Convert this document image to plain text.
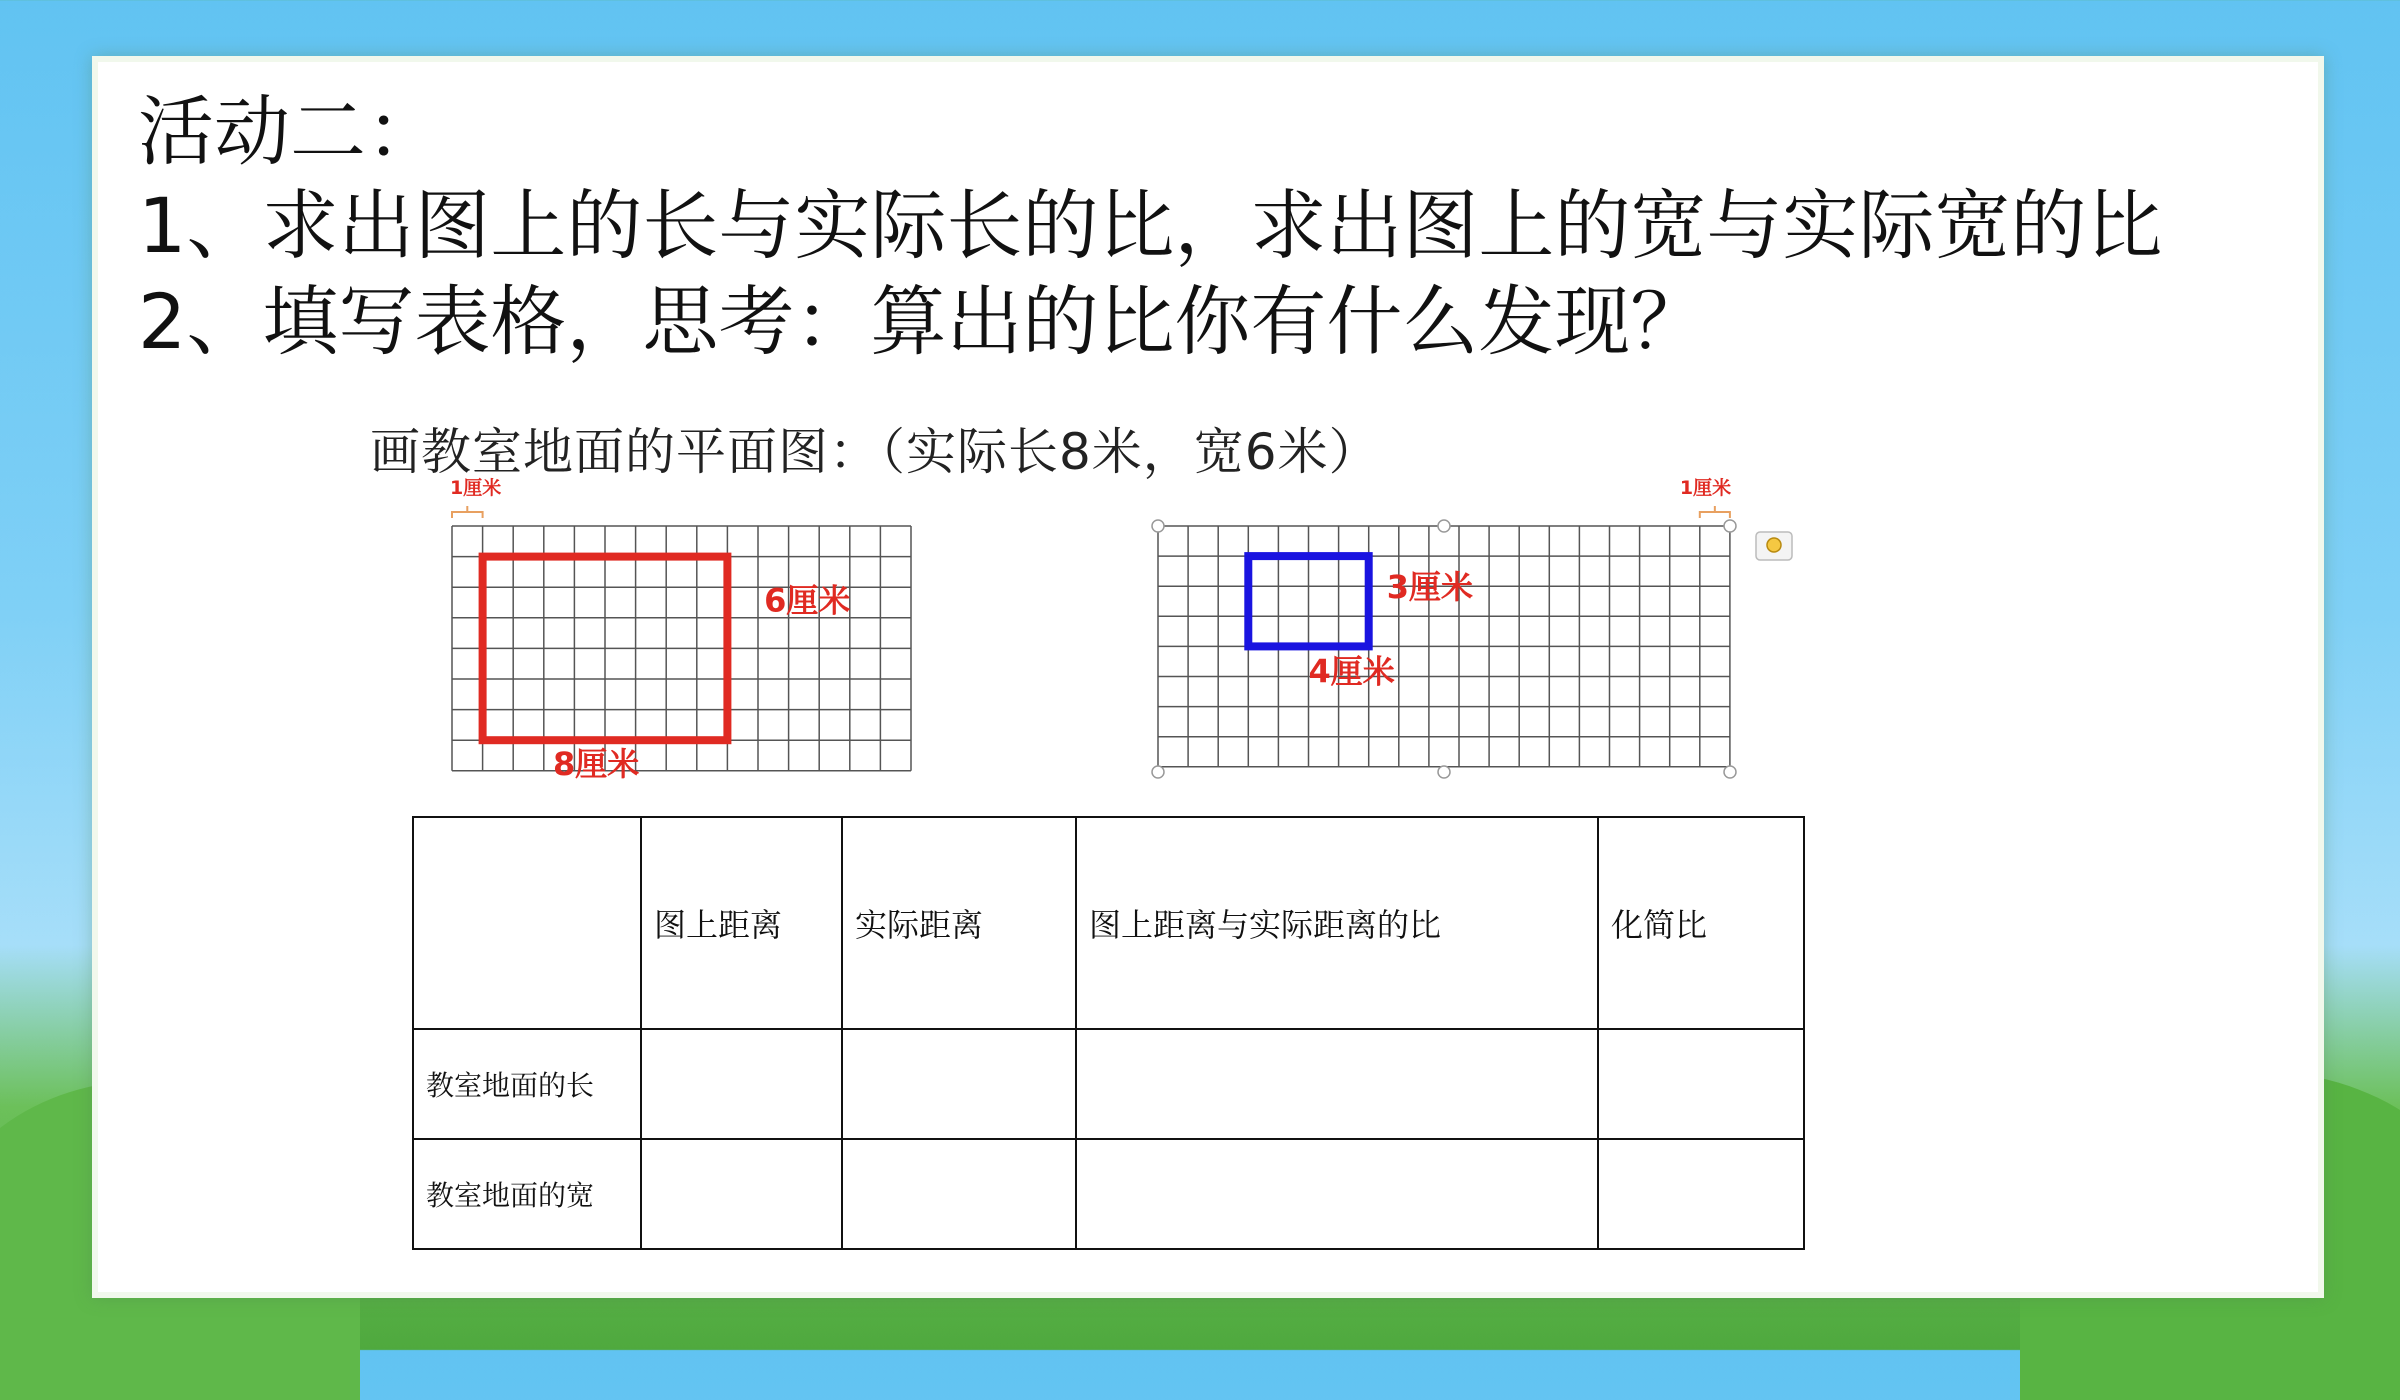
活动二：
1、求出图上的长与实际长的比，求出图上的宽与实际宽的比
2、填写表格，思考：算出的比你有什么发现？
画教室地面的平面图：（实际长8米，宽6米）
1厘米
6厘米
8厘米
1厘米
3厘米
4厘米
	图上距离	实际距离	图上距离与实际距离的比	化简比
教室地面的长				
教室地面的宽				
